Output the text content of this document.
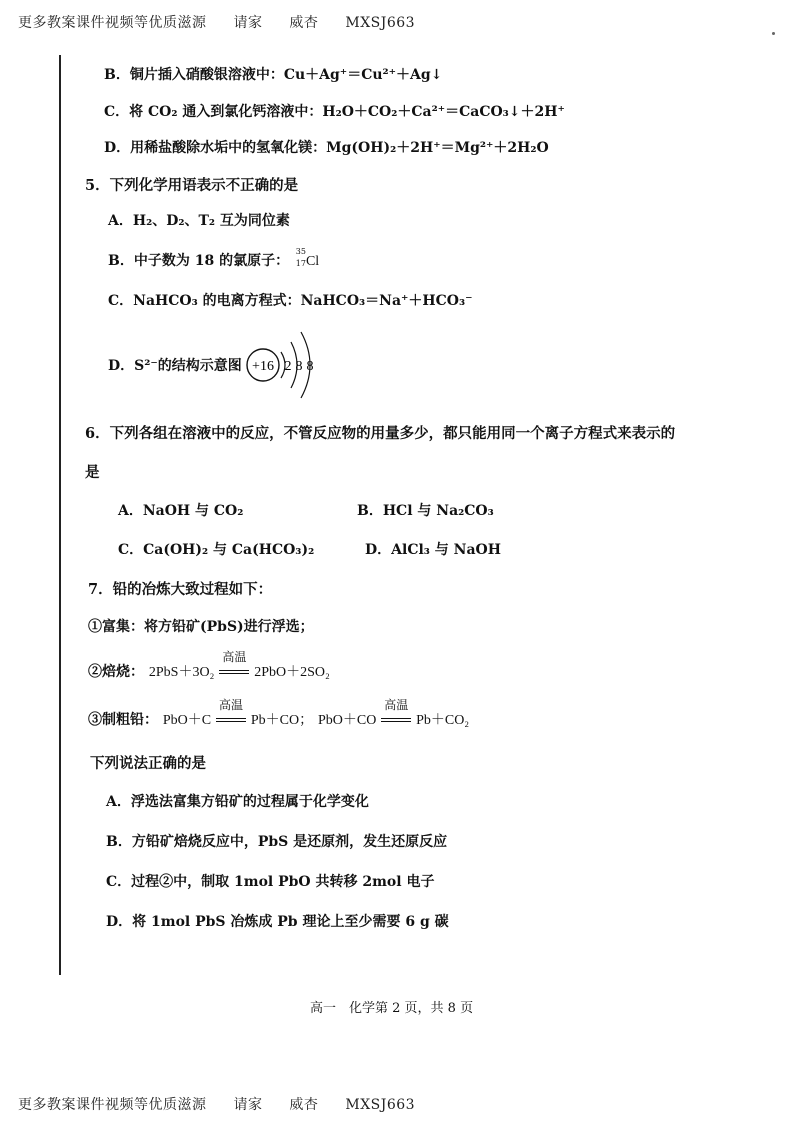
更多教案课件视频等优质滋源 请家 威杏 MXSJ663
B．铜片插入硝酸银溶液中：Cu＋Ag⁺＝Cu²⁺＋Ag↓
C．将 CO₂ 通入到氯化钙溶液中：H₂O＋CO₂＋Ca²⁺＝CaCO₃↓＋2H⁺
D．用稀盐酸除水垢中的氢氧化镁：Mg(OH)₂＋2H⁺＝Mg²⁺＋2H₂O
5．下列化学用语表示不正确的是
A．H₂、D₂、T₂ 互为同位素
B．中子数为 18 的氯原子：
35
17 Cl
C．NaHCO₃ 的电离方程式：NaHCO₃＝Na⁺＋HCO₃⁻
D．S²⁻的结构示意图 +16 2 8 8
6．下列各组在溶液中的反应，不管反应物的用量多少，都只能用同一个离子方程式来表示的
是
A．NaOH 与 CO₂	B．HCl 与 Na₂CO₃
C．Ca(OH)₂ 与 Ca(HCO₃)₂	D．AlCl₃ 与 NaOH
7．铅的冶炼大致过程如下：
①富集：将方铅矿(PbS)进行浮选；
②焙烧： 2PbS＋3O₂
高温
2PbO＋2SO₂
③制粗铅： PbO＋C
高温
Pb＋CO； PbO＋CO
高温
Pb＋CO₂
下列说法正确的是
A．浮选法富集方铅矿的过程属于化学变化
B．方铅矿焙烧反应中，PbS 是还原剂，发生还原反应
C．过程②中，制取 1mol PbO 共转移 2mol 电子
D．将 1mol PbS 冶炼成 Pb 理论上至少需要 6 g 碳
高一　化学第 2 页，共 8 页
更多教案课件视频等优质滋源 请家 威杏 MXSJ663
